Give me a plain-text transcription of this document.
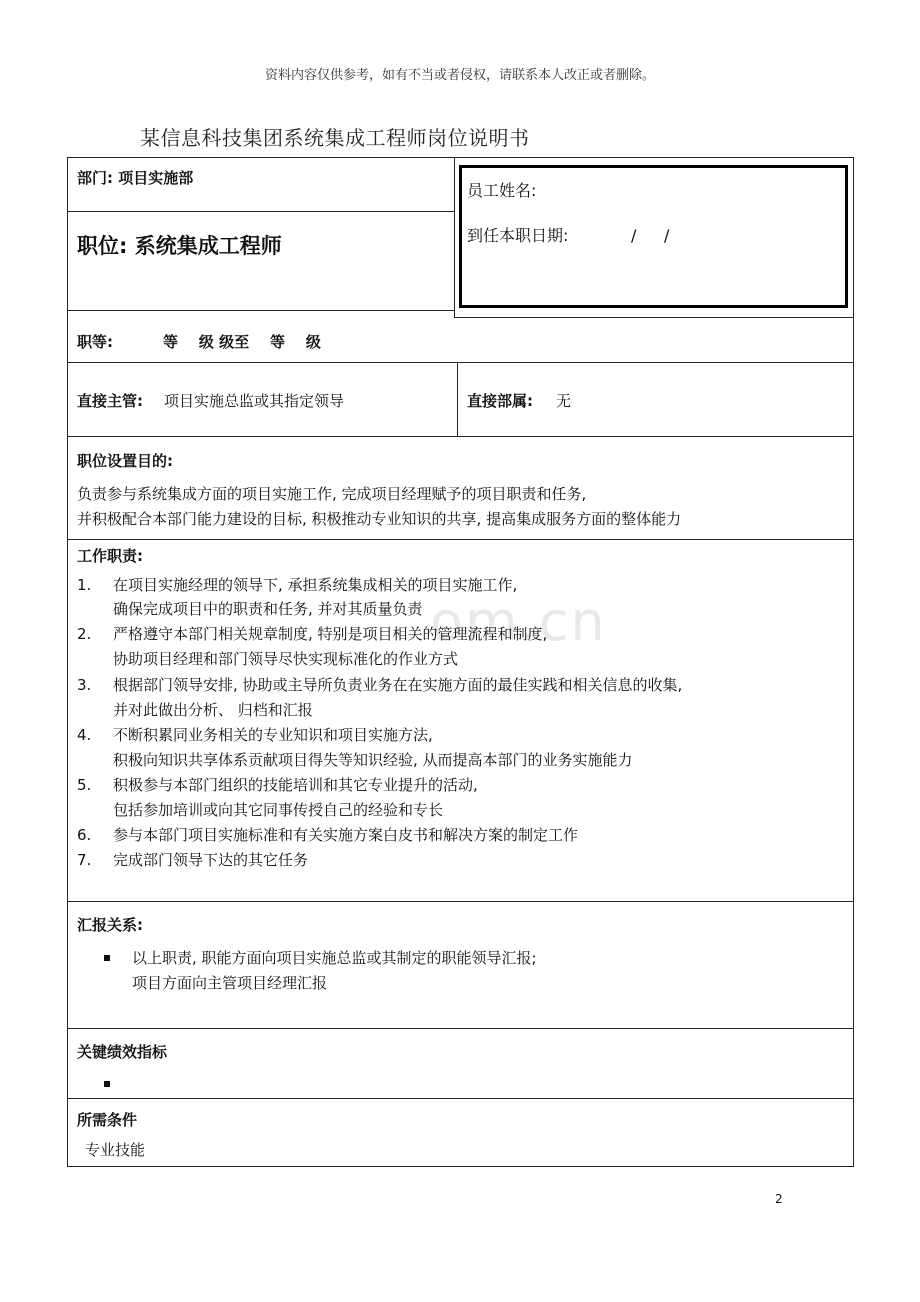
资料内容仅供参考，如有不当或者侵权，请联系本人改正或者删除。
某信息科技集团系统集成工程师岗位说明书
om.cn
部门: 项目实施部
职位: 系统集成工程师
员工姓名:
到任本职日期:	/ /
职等:	等    级 级至    等    级
直接主管: 项目实施总监或其指定领导	直接部属: 无
职位设置目的:
负责参与系统集成方面的项目实施工作, 完成项目经理赋予的项目职责和任务,
并积极配合本部门能力建设的目标, 积极推动专业知识的共享, 提高集成服务方面的整体能力
工作职责:
1. 在项目实施经理的领导下, 承担系统集成相关的项目实施工作,
确保完成项目中的职责和任务, 并对其质量负责
2. 严格遵守本部门相关规章制度, 特别是项目相关的管理流程和制度,
协助项目经理和部门领导尽快实现标准化的作业方式
3. 根据部门领导安排, 协助或主导所负责业务在在实施方面的最佳实践和相关信息的收集,
并对此做出分析、 归档和汇报
4. 不断积累同业务相关的专业知识和项目实施方法,
积极向知识共享体系贡献项目得失等知识经验, 从而提高本部门的业务实施能力
5. 积极参与本部门组织的技能培训和其它专业提升的活动,
包括参加培训或向其它同事传授自己的经验和专长
6. 参与本部门项目实施标准和有关实施方案白皮书和解决方案的制定工作
7. 完成部门领导下达的其它任务
汇报关系:
以上职责, 职能方面向项目实施总监或其制定的职能领导汇报;
项目方面向主管项目经理汇报
关键绩效指标
所需条件
专业技能
2
